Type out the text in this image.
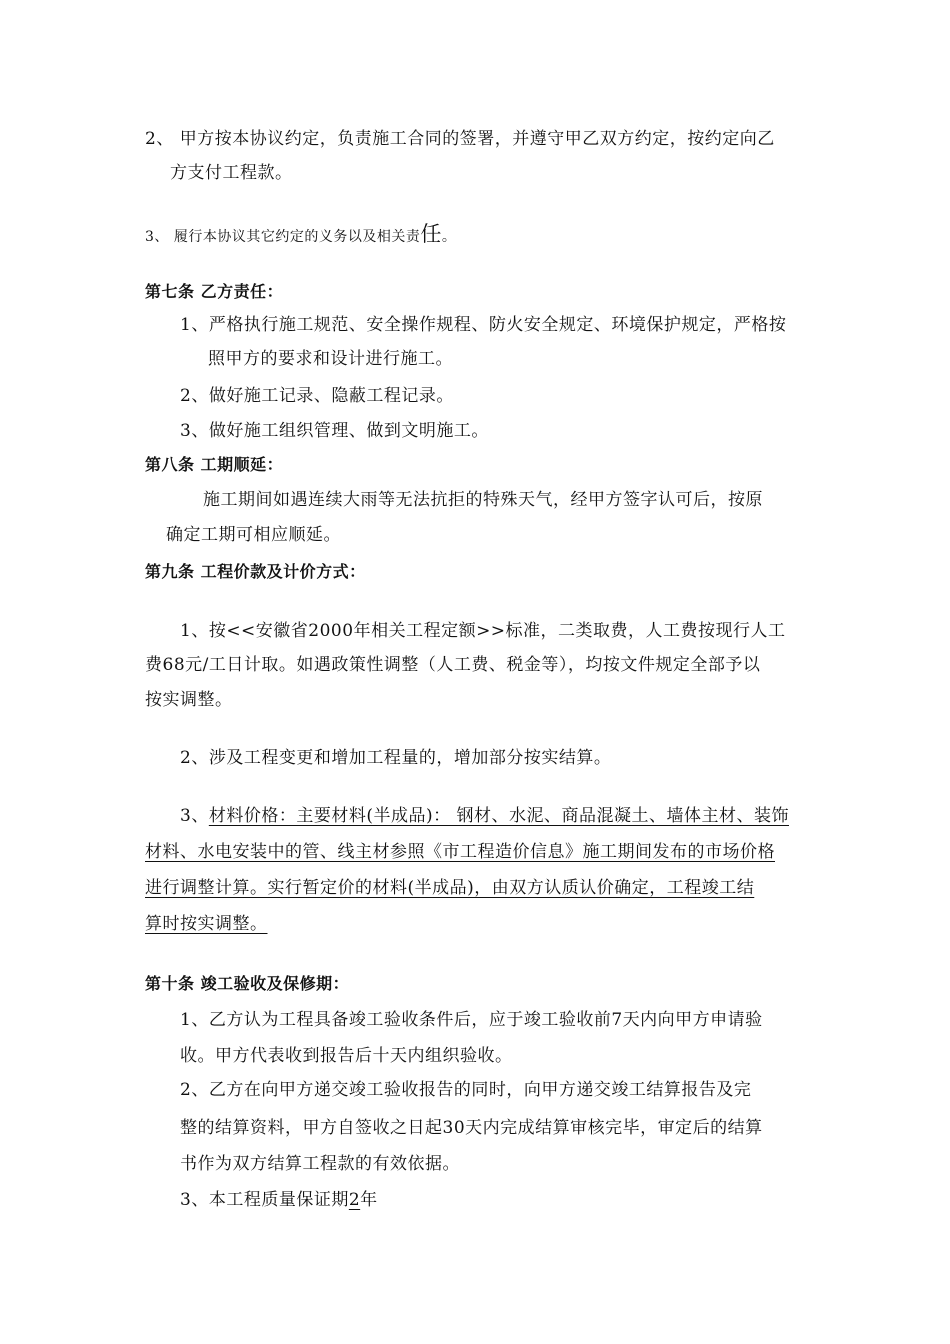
2、 甲方按本协议约定，负责施工合同的签署，并遵守甲乙双方约定，按约定向乙
方支付工程款。
3、 履行本协议其它约定的义务以及相关责任。
第七条 乙方责任：
1、严格执行施工规范、安全操作规程、防火安全规定、环境保护规定，严格按
照甲方的要求和设计进行施工。
2、做好施工记录、隐蔽工程记录。
3、做好施工组织管理、做到文明施工。
第八条 工期顺延：
施工期间如遇连续大雨等无法抗拒的特殊天气，经甲方签字认可后，按原
确定工期可相应顺延。
第九条 工程价款及计价方式：
1、按<<安徽省2000年相关工程定额>>标准，二类取费，人工费按现行人工
费68元/工日计取。如遇政策性调整（人工费、税金等），均按文件规定全部予以
按实调整。
2、涉及工程变更和增加工程量的，增加部分按实结算。
3、材料价格：主要材料(半成品)： 钢材、水泥、商品混凝土、墙体主材、装饰
材料、水电安装中的管、线主材参照《市工程造价信息》施工期间发布的市场价格
进行调整计算。实行暂定价的材料(半成品)，由双方认质认价确定，工程竣工结
算时按实调整。
第十条 竣工验收及保修期：
1、乙方认为工程具备竣工验收条件后，应于竣工验收前7天内向甲方申请验
收。甲方代表收到报告后十天内组织验收。
2、乙方在向甲方递交竣工验收报告的同时，向甲方递交竣工结算报告及完
整的结算资料，甲方自签收之日起30天内完成结算审核完毕，审定后的结算
书作为双方结算工程款的有效依据。
3、本工程质量保证期2年
